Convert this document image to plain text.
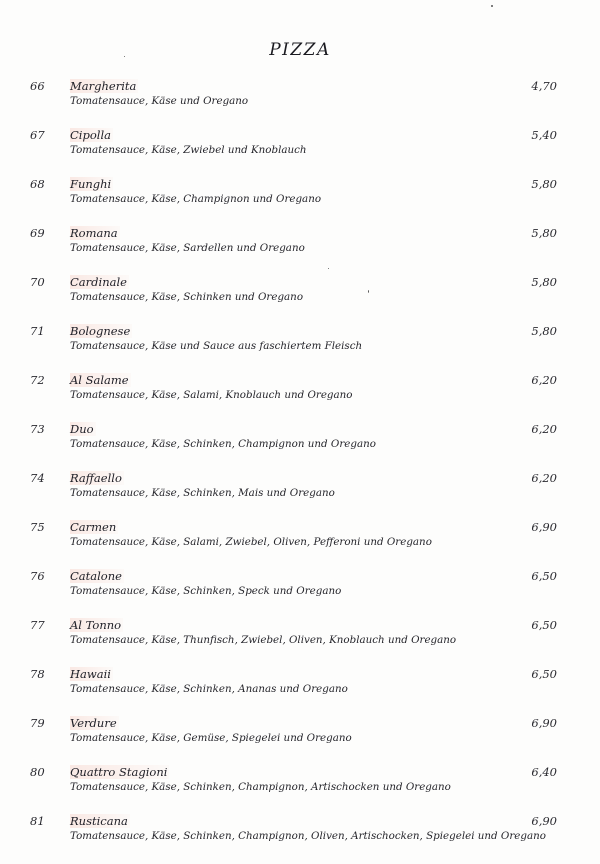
PIZZA
66 Margherita
Tomatensauce, Käse und Oregano
4,70
67 Cipolla
Tomatensauce, Käse, Zwiebel und Knoblauch
5,40
68 Funghi
Tomatensauce, Käse, Champignon und Oregano
5,80
69 Romana
Tomatensauce, Käse, Sardellen und Oregano
5,80
70 Cardinale
Tomatensauce, Käse, Schinken und Oregano
5,80
71 Bolognese
Tomatensauce, Käse und Sauce aus faschiertem Fleisch
5,80
72 Al Salame
Tomatensauce, Käse, Salami, Knoblauch und Oregano
6,20
73 Duo
Tomatensauce, Käse, Schinken, Champignon und Oregano
6,20
74 Raffaello
Tomatensauce, Käse, Schinken, Mais und Oregano
6,20
75 Carmen
Tomatensauce, Käse, Salami, Zwiebel, Oliven, Pefferoni und Oregano
6,90
76 Catalone
Tomatensauce, Käse, Schinken, Speck und Oregano
6,50
77 Al Tonno
Tomatensauce, Käse, Thunfisch, Zwiebel, Oliven, Knoblauch und Oregano
6,50
78 Hawaii
Tomatensauce, Käse, Schinken, Ananas und Oregano
6,50
79 Verdure
Tomatensauce, Käse, Gemüse, Spiegelei und Oregano
6,90
80 Quattro Stagioni
Tomatensauce, Käse, Schinken, Champignon, Artischocken und Oregano
6,40
81 Rusticana
Tomatensauce, Käse, Schinken, Champignon, Oliven, Artischocken, Spiegelei und Oregano
6,90
